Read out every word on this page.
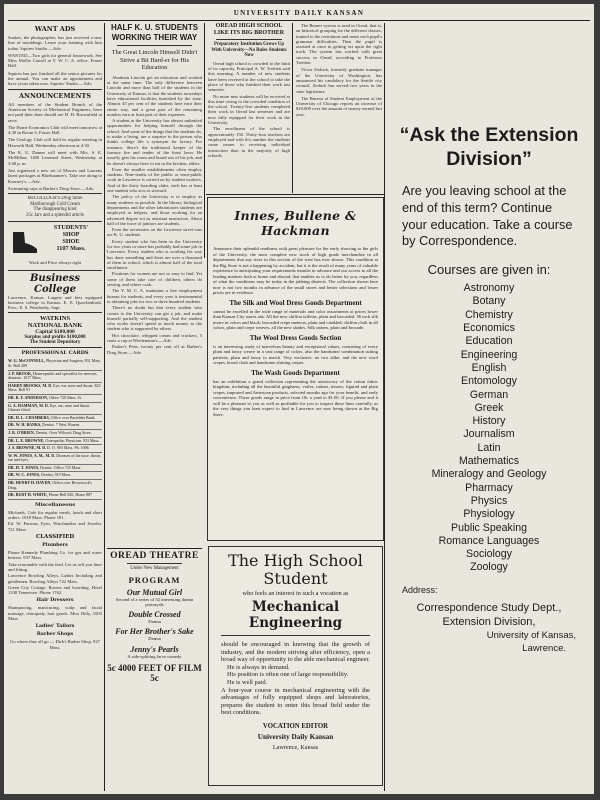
UNIVERSITY DAILY KANSAN
WANT ADS
Suakes, the photographer, has just received a new line of mouldings. Leave your framing with him today. Squires Studio.—Adv.
WANTED—Two girls for general housework. See Miss Mollie Carroll at Y. W. C. A. office, Fraser Hall.
Squires has just finished all the senior pictures for the annual. You can make an appointment and have yours taken now. Squires' Studio.—Adv.
ANNOUNCEMENTS
All members of the Student Branch of the American Society of Mechanical Engineers, have not paid their dues should see H. H. Brownfield at once.
The Home Economics Club will meet tomorrow at 4:30 in Room 9, Fraser Hall.
The Geology Club will hold its regular meeting in Haworth Hall, Wednesday afternoon at 4:30.
The K. U. Dames will meet with Mrs. S. E. McMillan, 1400 Learnard Street, Wednesday at 3:00 p. m.
Just organized a new set of Mosses and Laurens latest packages at Bluebaumer's. Take one along to Kearney's.—Adv.
Swimming caps at Barber's Drug Store.—Adv.
McCOLLOCH'S Drug Store
Marlborough Cold Cream
The disappearing kind
25c Jars and a splendid article
STUDENTS'
SHOP
SHOE
1107 Mass.
Work and Price always right
Business College
Lawrence, Kansas. Largest and best equipped business college in Kansas. E. E. Quackenbush, Pres.; E. S. Weatherby, Supt.
WATKINS
NATIONAL BANK
Capital $100,000
Surplus and profits $100,000
The Student Depository
PROFESSIONAL CARDS
W. G. McCONNELL, Physician and Surgeon, 831 Mass. St. Bell 209
J. P. BROOK, Homeopathic and specialist for nervous diseases. 1017 Mass.
HARRY BROOKS, M. D. Eye, ear, nose and throat. 823 Mass. Bell 91
DR. R. F. ANDERSON, Office 720 Mass. St.
G. A. HAMMAN, M. D. Eye, ear, nose and throat. Glasses fitted.
DR. H. L. CHAMBERS, Office over Barteldes Bank.
DR. W. H. BANKS, Dentist. 7 West Warren.
J. R. O'BRIEN, Dentist. Over Wilson's Drug Store.
DR. L. E. BROWNE, Osteopathic Physician, 933 Mass.
J. S. BROWNE, M. D. D. O. 903 Mass. Ph. 1006
W. W. JONES, A. M., M. D. Diseases of the nose, throat, ear and eyes.
DR. H. T. JONES, Dentist. Office 725 Mass.
DR. W. C. JONES, Dentist, 919 Mass.
DR. HENRY H. HAYDN, Office over Bowersock's Drug.
DR. BURT H. WHITE, Phone Bell 826, Home 887
Miscellaneous
Michaels, Cafe for regular meals, lunch and short orders. 1018 Mass. Phone 181.
Ed. W. Parsons, Eyes, Watchmaker and Jeweler. 721 Mass.
CLASSIFIED
Plumbers
Phone Kennedy Plumbing Co. for gas and water heaters. 937 Mass.
Take reasonable with the feed. Let us sell you finer and fitting.
Lawrence Bowling Alleys, Ladies Including and gentlemen. Bowling Alleys 722 Mass.
Green City Cottage. Rooms and boarding. Hotel 1330 Tennessee. Phone 1762.
Hair Dressers
Shampooing, manicuring, scalp and facial massage, chiropody, hair goods. Miss Dilly, 1005 Mass.
Ladies' Tailors
Barber Shops
Go where they all go — Dirk's Barber Shop, 927 Mass.
HALF K. U. STUDENTS
WORKING THEIR WAY
The Great Lincoln Himself Didn't Strive a Bit Hard-er for His Education
Abraham Lincoln got an education and worked at the same time. The only difference between Lincoln and more than half of the students in the University of Kansas, is that the students nowadays have educational facilities furnished by the state. Almost 45 per cent of the students here earn their entire way, and a great part of the remaining number earn at least part of their expenses.
A student at the University has almost unlimited opportunities for helping himself through the school. And some of the things that the students do, to make a living, are a surprise to the person who thinks college life a synonym for luxury. For instance, there's the traditional keeper of the furnace fire and tender of the front lawn. He usually gets his room and board out of his job, and he doesn't always have to eat in the kitchen, either.
Even the smaller establishments often employ students. Nine-tenths of the public or semi-public work in Lawrence is carried on by student workers. And of the thirty boarding clubs, each has at least one student who acts as steward.
The policy of the University is to employ as many students as possible. In the library, biological departments and the other laboratories students are employed as helpers, and those working for an advanced degree act as assistant instructors. About half of the force of janitors are students.
Even the secretaries on the Lawrence street-cars are K. U. students.
Every student who has been in the University for two years or more has probably had some job in Lawrence. Every student who is working his way has done something and there are over a thousand of them in school, which is almost half of the total enrollment.
Positions for women are not so easy to find. Yet some of them take care of children, others do sewing, and others cook.
The Y. M. C. A. maintains a free employment bureau for students, and every year is instrumental in obtaining jobs for two or three hundred students.
There's no doubt but that every student who comes to the University can get a job, and make himself partially self-supporting. And the student who works doesn't spend as much money as the student who is supported by others.
Hot chocolate, whipped cream and crackers, 5 cents a cup at Wiedemann's.—Adv.
Parker's Pens, twenty per cent off at Barber's Drug Store.—Adv.
OREAD THEATRE
Under New Management
PROGRAM
Our Mutual Girl
Second of a series of 52 interesting drama portrayals
Double Crossed
Drama
For Her Brother's Sake
Drama
Jenny's Pearls
A side-splitting farce comedy
5c 4000 FEET OF FILM 5c
OREAD HIGH SCHOOL
LIKE ITS BIG BROTHER
Preparatory Institution Grows Up With University—No Rules Students Now
Oread high school is crowded to the limit of its capacity, Principal A. W. Trettien said this morning. A number of new students have been received at the school to take the place of those who finished their work last semester.
No more new students will be received at this time owing to the crowded condition of the school. Twenty-five students completed their work in Oread last semester and are now fully equipped for their work in the University.
The enrollment of the school is approximately 150. Thirty-four teachers are employed and with th's number the students come nearer to receiving individual instruction than in the majority of high schools.
The Barnes system is used in Oread, that is, an historical grouping for the different classes, trained to the recitations and notes each pupil's grammar difficulties. Then the pupil is assisted at once in getting set upon the right track. The system has worked with great success in Oread, according to Professor Trettien.
Victor Zeduck, formerly graduate manager of the University of Washington, has announced his candidacy for the Seattle city council. Zeduck has served two years in the state legislature.
The Bureau of Student Employment of the University of Chicago reports an increase of $10,000 over the amount of money earned last year.
Innes, Bullene & Hackman
Announce their splendid readiness with great pleasure for the early showing to the girls of the University, the most complete new stock of high grade merchandise in all departments that any store in this section of the west has ever shown. This condition at the Big Store is not a happening by accident, but it is the result of many years of valuable experience in anticipating your requirements months in advance and our access to all the leading markets both at home and abroad, that enables us to do better by you, regardless of what the conditions may be today in the jobbing districts. The collection shown here now is not two months in advance of the small stores and better selections and lower prices are in evidence.
The Silk and Wool Dress Goods Department
cannot be excelled in the wide range of materials and color assortments at prices lower than Kansas City stores ask. All the new chiffon taffetas, plain and brocaded. 36 inch silk moire in colors and black; brocaded crepe meteors, plain and crinkled; chiffon cloth in all colors, plain and crepe weaves, all the new shades. Silk ratines, plain and brocade.
The Wool Dress Goods Section
is an interesting study of marvelous beauty and exceptional values, consisting of every plain and fancy weave in a vast range of colors, also the handsome combination suiting patterns, plain and fancy to match. Very exclusive, no two alike, and the new wool crepes, broad cloth and handsome shirting crepes.
The Wash Goods Department
has an exhibition a grand collection representing the aristocracy of the cotton fabric kingdom, including all the beautiful ginghams, voiles, ratines, tissues, figured and plain crepes, imported and American products, selected months ago for your benefit, and early convenience. These goods range in price from 10c a yard to $1.00. If you please and it will be a pleasure to you as well as profitable for you to inspect these lines carefully, as the very things you least expect to find in Lawrence are now being shown at the Big Store.
The High School Student
who feels an interest in such a vocation as
Mechanical Engineering
should be encouraged in knowing that the growth of industry, and the modern striving after efficiency, open a broad way of opportunity to the able mechanical engineer.
He is always in demand.
His position is often one of large responsibility.
He is well paid.
A four-year course in mechanical engineering with the advantages of fully equipped shops and laboratories, prepares the student to enter this broad field under the best conditions.
VOCATION EDITOR
University Daily Kansan
Lawrence, Kansas
“Ask the Extension Division”
Are you leaving school at the end of this term? Continue your education. Take a course by Correspondence.
Courses are given in:
Astronomy
Botany
Chemistry
Economics
Education
Engineering
English
Entomology
German
Greek
History
Journalism
Latin
Mathematics
Mineralogy and Geology
Pharmacy
Physics
Physiology
Public Speaking
Romance Languages
Sociology
Zoology
Address:
Correspondence Study Dept.,
Extension Division,
University of Kansas,
Lawrence.
